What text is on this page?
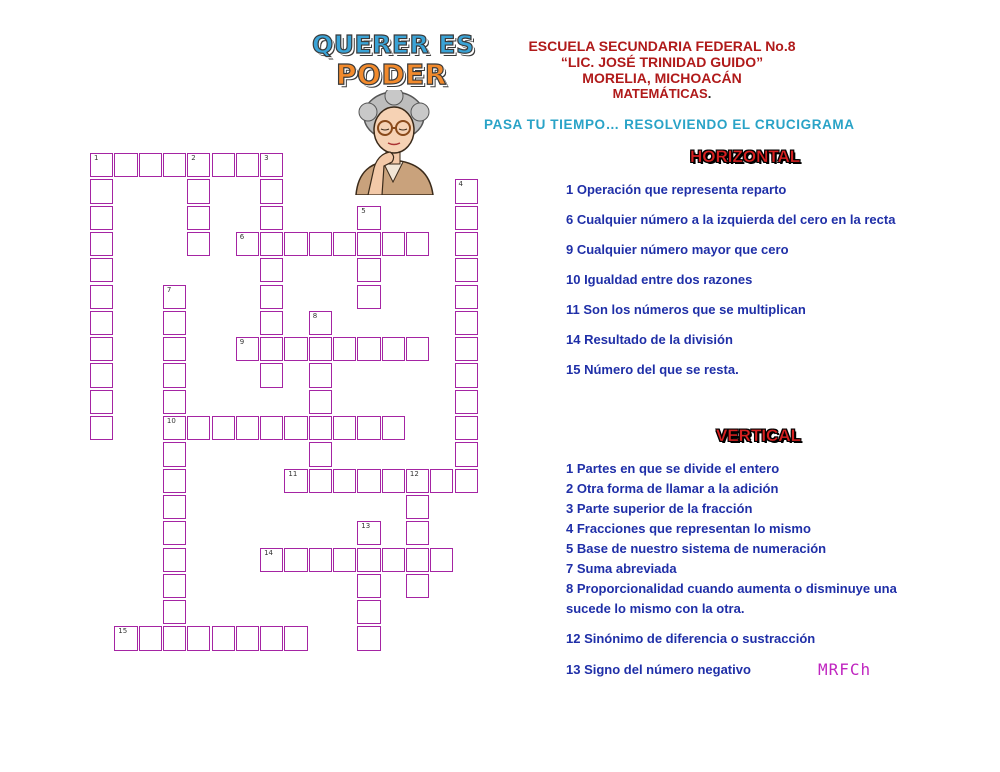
QUERER ES
PODER
ESCUELA SECUNDARIA FEDERAL No.8
“LIC. JOSÉ TRINIDAD GUIDO”
MORELIA, MICHOACÁN
MATEMÁTICAS.
PASA TU TIEMPO… RESOLVIENDO EL CRUCIGRAMA
HORIZONTAL
1 Operación que representa reparto
6 Cualquier número a la izquierda del cero en la recta
9 Cualquier número mayor que cero
10 Igualdad entre dos razones
11 Son los números que se multiplican
14 Resultado de la división
15 Número del que se resta.
VERTICAL
1 Partes en que se divide el entero
2 Otra forma de llamar a la adición
3 Parte superior de la fracción
4 Fracciones que representan lo mismo
5 Base de nuestro sistema de numeración
7 Suma abreviada
8 Proporcionalidad cuando aumenta o disminuye una
sucede lo mismo con la otra.
12 Sinónimo de diferencia o sustracción
13 Signo del número negativo	MRFCh
1	2	3
4
5
6
7
10
8
9
11	12
13
14
15
